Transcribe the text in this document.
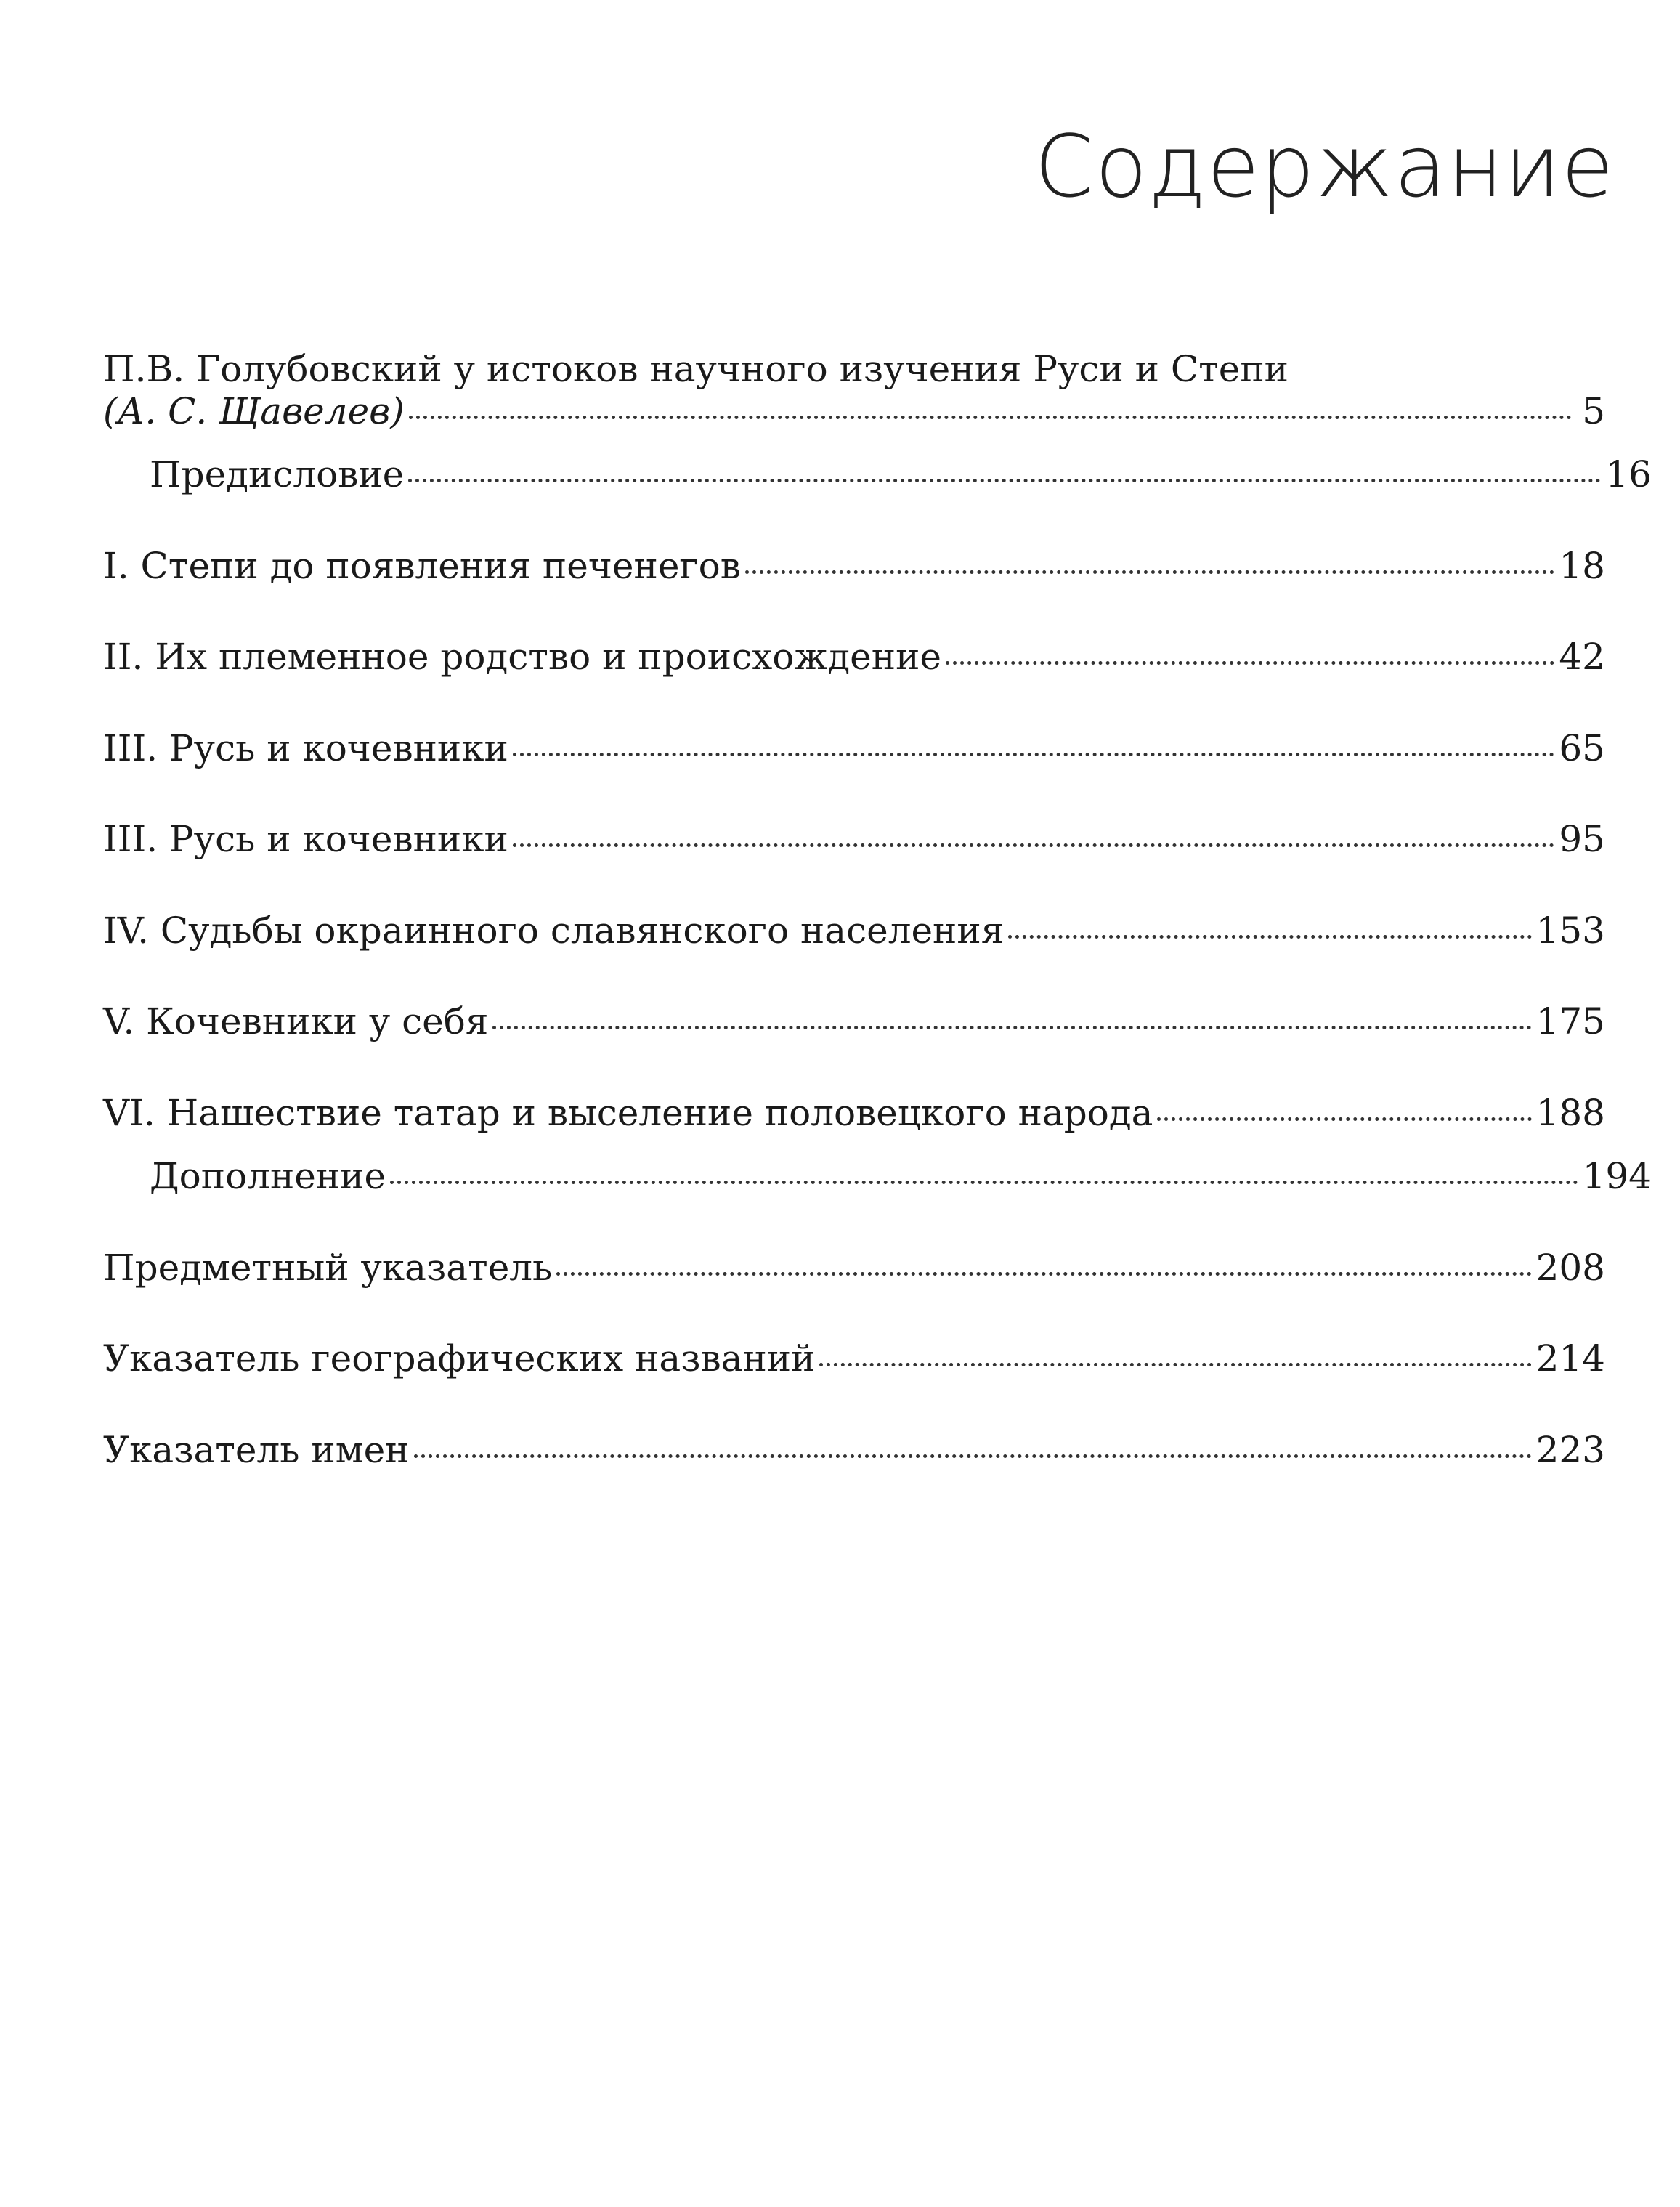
Содержание
П.В. Голубовский у истоков научного изучения Руси и Степи
(А. С. Щавелев)	5
Предисловие	16
I. Степи до появления печенегов	18
II. Их племенное родство и происхождение	42
III. Русь и кочевники	65
III. Русь и кочевники	95
IV. Судьбы окраинного славянского населения	153
V. Кочевники у себя	175
VI. Нашествие татар и выселение половецкого народа	188
Дополнение	194
Предметный указатель	208
Указатель географических названий	214
Указатель имен	223
